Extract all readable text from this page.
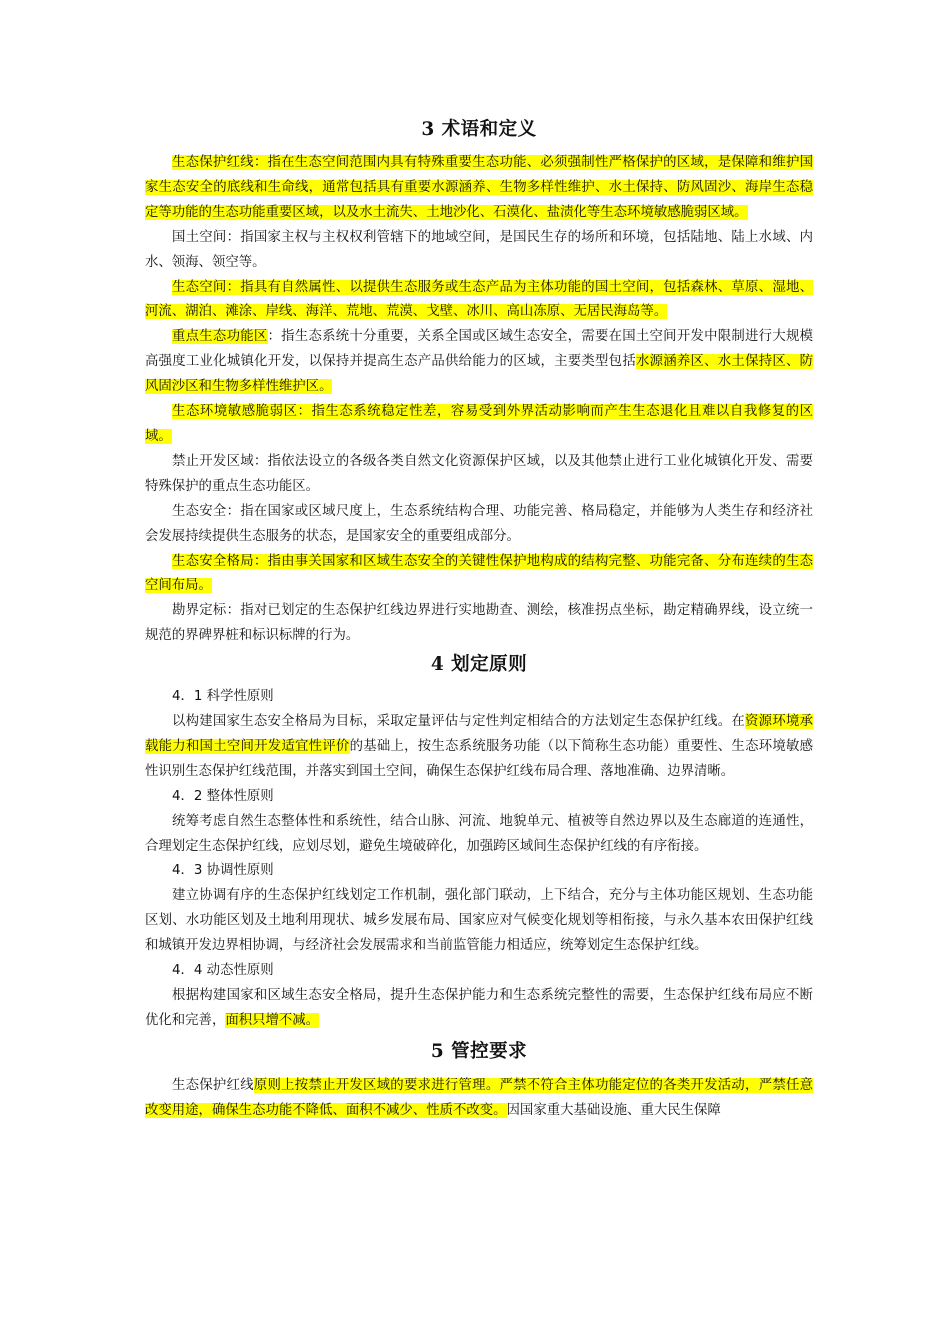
3 术语和定义

生态保护红线：指在生态空间范围内具有特殊重要生态功能、必须强制性严格保护的区域，是保障和维护国家生态安全的底线和生命线，通常包括具有重要水源涵养、生物多样性维护、水土保持、防风固沙、海岸生态稳定等功能的生态功能重要区域，以及水土流失、土地沙化、石漠化、盐渍化等生态环境敏感脆弱区域。

国土空间：指国家主权与主权权利管辖下的地域空间，是国民生存的场所和环境，包括陆地、陆上水域、内水、领海、领空等。

生态空间：指具有自然属性、以提供生态服务或生态产品为主体功能的国土空间，包括森林、草原、湿地、河流、湖泊、滩涂、岸线、海洋、荒地、荒漠、戈壁、冰川、高山冻原、无居民海岛等。

重点生态功能区：指生态系统十分重要，关系全国或区域生态安全，需要在国土空间开发中限制进行大规模高强度工业化城镇化开发，以保持并提高生态产品供给能力的区域，主要类型包括水源涵养区、水土保持区、防风固沙区和生物多样性维护区。

生态环境敏感脆弱区：指生态系统稳定性差，容易受到外界活动影响而产生生态退化且难以自我修复的区域。

禁止开发区域：指依法设立的各级各类自然文化资源保护区域，以及其他禁止进行工业化城镇化开发、需要特殊保护的重点生态功能区。

生态安全：指在国家或区域尺度上，生态系统结构合理、功能完善、格局稳定，并能够为人类生存和经济社会发展持续提供生态服务的状态，是国家安全的重要组成部分。

生态安全格局：指由事关国家和区域生态安全的关键性保护地构成的结构完整、功能完备、分布连续的生态空间布局。

勘界定标：指对已划定的生态保护红线边界进行实地勘查、测绘，核准拐点坐标，勘定精确界线，设立统一规范的界碑界桩和标识标牌的行为。

4 划定原则

4．1 科学性原则

以构建国家生态安全格局为目标，采取定量评估与定性判定相结合的方法划定生态保护红线。在资源环境承载能力和国土空间开发适宜性评价的基础上，按生态系统服务功能（以下简称生态功能）重要性、生态环境敏感性识别生态保护红线范围，并落实到国土空间，确保生态保护红线布局合理、落地准确、边界清晰。

4．2 整体性原则

统筹考虑自然生态整体性和系统性，结合山脉、河流、地貌单元、植被等自然边界以及生态廊道的连通性，合理划定生态保护红线，应划尽划，避免生境破碎化，加强跨区域间生态保护红线的有序衔接。

4．3 协调性原则

建立协调有序的生态保护红线划定工作机制，强化部门联动，上下结合，充分与主体功能区规划、生态功能区划、水功能区划及土地利用现状、城乡发展布局、国家应对气候变化规划等相衔接，与永久基本农田保护红线和城镇开发边界相协调，与经济社会发展需求和当前监管能力相适应，统筹划定生态保护红线。

4．4 动态性原则

根据构建国家和区域生态安全格局，提升生态保护能力和生态系统完整性的需要，生态保护红线布局应不断优化和完善，面积只增不减。

5 管控要求

生态保护红线原则上按禁止开发区域的要求进行管理。严禁不符合主体功能定位的各类开发活动，严禁任意改变用途，确保生态功能不降低、面积不减少、性质不改变。因国家重大基础设施、重大民生保障
